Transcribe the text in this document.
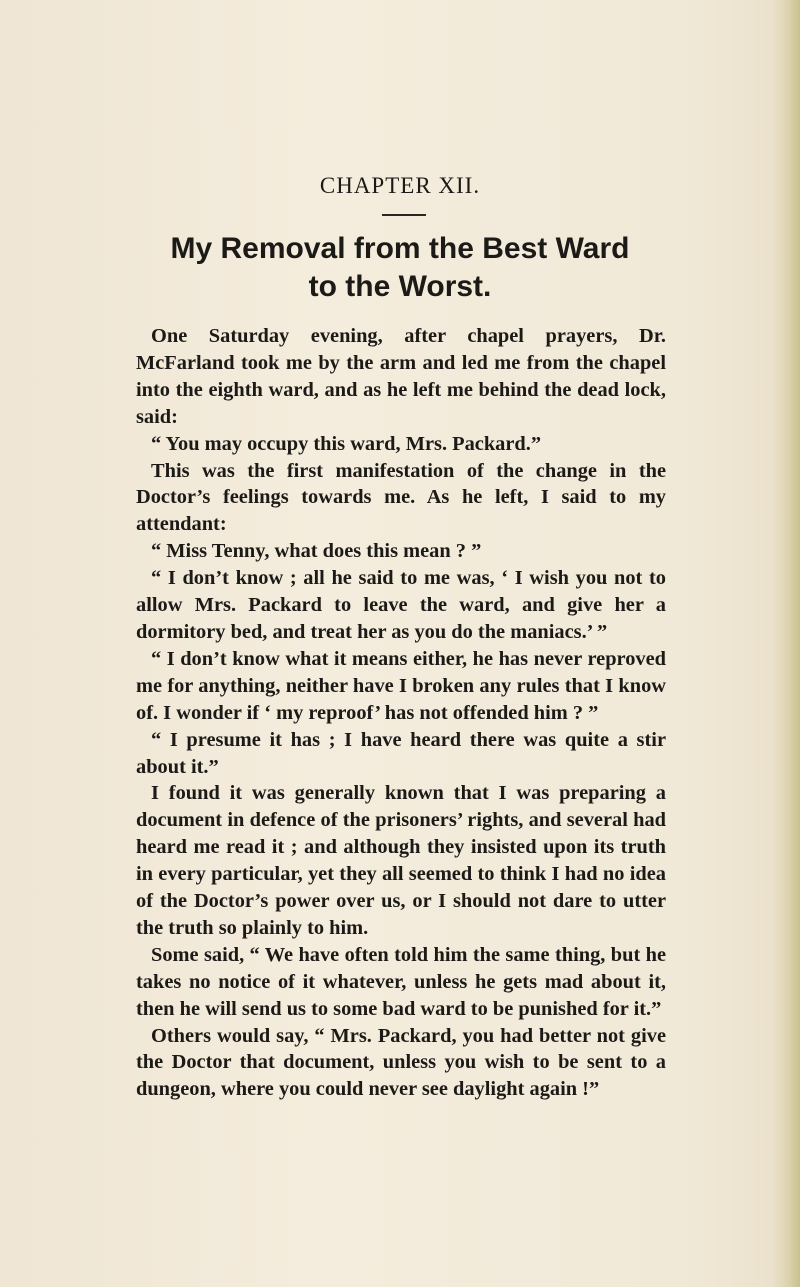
CHAPTER XII.
My Removal from the Best Ward
to the Worst.

One Saturday evening, after chapel prayers, Dr. McFarland took me by the arm and led me from the chapel into the eighth ward, and as he left me behind the dead lock, said:

“ You may occupy this ward, Mrs. Packard.”

This was the first manifestation of the change in the Doctor’s feelings towards me. As he left, I said to my attendant:

“ Miss Tenny, what does this mean ? ”

“ I don’t know ; all he said to me was, ‘ I wish you not to allow Mrs. Packard to leave the ward, and give her a dormitory bed, and treat her as you do the maniacs.’ ”

“ I don’t know what it means either, he has never reproved me for anything, neither have I broken any rules that I know of. I wonder if ‘ my reproof’ has not offended him ? ”

“ I presume it has ; I have heard there was quite a stir about it.”

I found it was generally known that I was preparing a document in defence of the prisoners’ rights, and several had heard me read it ; and although they insisted upon its truth in every particular, yet they all seemed to think I had no idea of the Doctor’s power over us, or I should not dare to utter the truth so plainly to him.

Some said, “ We have often told him the same thing, but he takes no notice of it whatever, unless he gets mad about it, then he will send us to some bad ward to be punished for it.”

Others would say, “ Mrs. Packard, you had better not give the Doctor that document, unless you wish to be sent to a dungeon, where you could never see daylight again !”
